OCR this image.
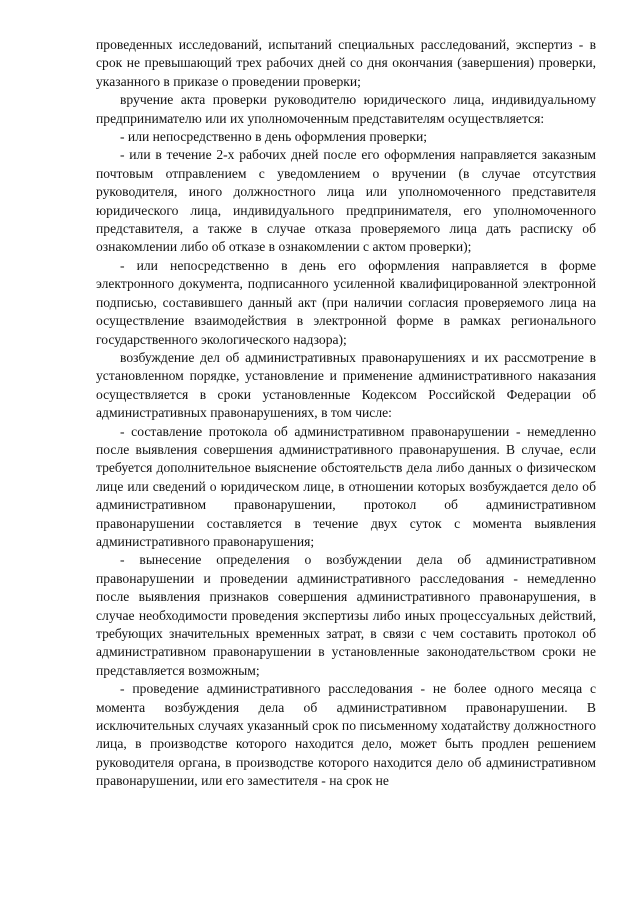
проведенных исследований, испытаний специальных расследований, экспертиз - в срок не превышающий трех рабочих дней со дня окончания (завершения) проверки, указанного в приказе о проведении проверки;

вручение акта проверки руководителю юридического лица, индивидуальному предпринимателю или их уполномоченным представителям осуществляется:

- или непосредственно в день оформления проверки;

- или в течение 2-х рабочих дней после его оформления направляется заказным почтовым отправлением с уведомлением о вручении (в случае отсутствия руководителя, иного должностного лица или уполномоченного представителя юридического лица, индивидуального предпринимателя, его уполномоченного представителя, а также в случае отказа проверяемого лица дать расписку об ознакомлении либо об отказе в ознакомлении с актом проверки);

- или непосредственно в день его оформления направляется в форме электронного документа, подписанного усиленной квалифицированной электронной подписью, составившего данный акт (при наличии согласия проверяемого лица на осуществление взаимодействия в электронной форме в рамках регионального государственного экологического надзора);

возбуждение дел об административных правонарушениях и их рассмотрение в установленном порядке, установление и применение административного наказания осуществляется в сроки установленные Кодексом Российской Федерации об административных правонарушениях, в том числе:

- составление протокола об административном правонарушении - немедленно после выявления совершения административного правонарушения. В случае, если требуется дополнительное выяснение обстоятельств дела либо данных о физическом лице или сведений о юридическом лице, в отношении которых возбуждается дело об административном правонарушении, протокол об административном правонарушении составляется в течение двух суток с момента выявления административного правонарушения;

- вынесение определения о возбуждении дела об административном правонарушении и проведении административного расследования - немедленно после выявления признаков совершения административного правонарушения, в случае необходимости проведения экспертизы либо иных процессуальных действий, требующих значительных временных затрат, в связи с чем составить протокол об административном правонарушении в установленные законодательством сроки не представляется возможным;

- проведение административного расследования - не более одного месяца с момента возбуждения дела об административном правонарушении. В исключительных случаях указанный срок по письменному ходатайству должностного лица, в производстве которого находится дело, может быть продлен решением руководителя органа, в производстве которого находится дело об административном правонарушении, или его заместителя - на срок не
